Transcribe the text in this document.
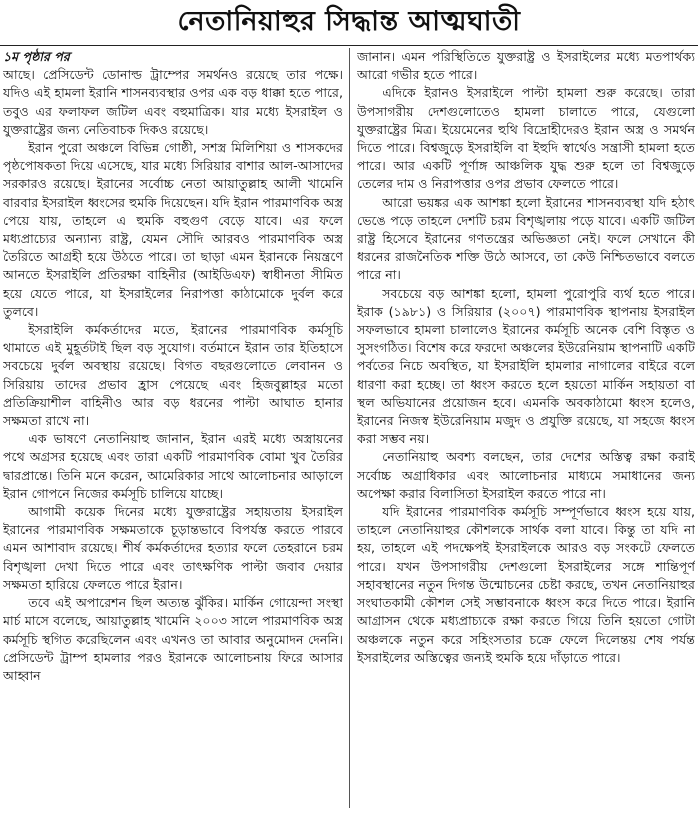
নেতানিয়াহুর সিদ্ধান্ত আত্মঘাতী
১ম পৃষ্ঠার পর

আছে। প্রেসিডেন্ট ডোনাল্ড ট্রাম্পের সমর্থনও রয়েছে তার পক্ষে। যদিও এই হামলা ইরানি শাসনব্যবস্থার ওপর এক বড় ধাক্কা হতে পারে, তবুও এর ফলাফল জটিল এবং বহুমাত্রিক। যার মধ্যে ইসরাইল ও যুক্তরাষ্ট্রের জন্য নেতিবাচক দিকও রয়েছে।

ইরান পুরো অঞ্চলে বিভিন্ন গোষ্ঠী, সশস্ত্র মিলিশিয়া ও শাসকদের পৃষ্ঠপোষকতা দিয়ে এসেছে, যার মধ্যে সিরিয়ার বাশার আল-আসাদের সরকারও রয়েছে। ইরানের সর্বোচ্চ নেতা আয়াতুল্লাহ আলী খামেনি বারবার ইসরাইল ধ্বংসের হুমকি দিয়েছেন। যদি ইরান পারমাণবিক অস্ত্র পেয়ে যায়, তাহলে এ হুমকি বহুগুণ বেড়ে যাবে। এর ফলে মধ্যপ্রাচ্যের অন্যান্য রাষ্ট্র, যেমন সৌদি আরবও পারমাণবিক অস্ত্র তৈরিতে আগ্রহী হয়ে উঠতে পারে। তা ছাড়া এমন ইরানকে নিয়ন্ত্রণে আনতে ইসরাইলি প্রতিরক্ষা বাহিনীর (আইডিএফ) স্বাধীনতা সীমিত হয়ে যেতে পারে, যা ইসরাইলের নিরাপত্তা কাঠামোকে দুর্বল করে তুলবে।

ইসরাইলি কর্মকর্তাদের মতে, ইরানের পারমাণবিক কর্মসূচি থামাতে এই মুহূর্তটাই ছিল বড় সুযোগ। বর্তমানে ইরান তার ইতিহাসে সবচেয়ে দুর্বল অবস্থায় রয়েছে। বিগত বছরগুলোতে লেবানন ও সিরিয়ায় তাদের প্রভাব হ্রাস পেয়েছে এবং হিজবুল্লাহর মতো প্রতিক্রিয়াশীল বাহিনীও আর বড় ধরনের পাল্টা আঘাত হানার সক্ষমতা রাখে না।

এক ভাষণে নেতানিয়াহু জানান, ইরান এরই মধ্যে অস্ত্রায়নের পথে অগ্রসর হয়েছে এবং তারা একটি পারমাণবিক বোমা খুব তৈরির দ্বারপ্রান্তে। তিনি মনে করেন, আমেরিকার সাথে আলোচনার আড়ালে ইরান গোপনে নিজের কর্মসূচি চালিয়ে যাচ্ছে।

আগামী কয়েক দিনের মধ্যে যুক্তরাষ্ট্রের সহায়তায় ইসরাইল ইরানের পারমাণবিক সক্ষমতাকে চূড়ান্তভাবে বিপর্যস্ত করতে পারবে এমন আশাবাদ রয়েছে। শীর্ষ কর্মকর্তাদের হত্যার ফলে তেহরানে চরম বিশৃঙ্খলা দেখা দিতে পারে এবং তাৎক্ষণিক পাল্টা জবাব দেয়ার সক্ষমতা হারিয়ে ফেলতে পারে ইরান।

তবে এই অপারেশন ছিল অত্যন্ত ঝুঁকির। মার্কিন গোয়েন্দা সংস্থা মার্চ মাসে বলেছে, আয়াতুল্লাহ খামেনি ২০০৩ সালে পারমাণবিক অস্ত্র কর্মসূচি স্থগিত করেছিলেন এবং এখনও তা আবার অনুমোদন দেননি। প্রেসিডেন্ট ট্রাম্প হামলার পরও ইরানকে আলোচনায় ফিরে আসার আহ্বান

জানান। এমন পরিস্থিতিতে যুক্তরাষ্ট্র ও ইসরাইলের মধ্যে মতপার্থক্য আরো গভীর হতে পারে।

এদিকে ইরানও ইসরাইলে পাল্টা হামলা শুরু করেছে। তারা উপসাগরীয় দেশগুলোতেও হামলা চালাতে পারে, যেগুলো যুক্তরাষ্ট্রের মিত্র। ইয়েমেনের হুথি বিদ্রোহীদেরও ইরান অস্ত্র ও সমর্থন দিতে পারে। বিশ্বজুড়ে ইসরাইলি বা ইহুদি স্বার্থেও সন্ত্রাসী হামলা হতে পারে। আর একটি পূর্ণাঙ্গ আঞ্চলিক যুদ্ধ শুরু হলে তা বিশ্বজুড়ে তেলের দাম ও নিরাপত্তার ওপর প্রভাব ফেলতে পারে।

আরো ভয়ঙ্কর এক আশঙ্কা হলো ইরানের শাসনব্যবস্থা যদি হঠাৎ ভেঙে পড়ে তাহলে দেশটি চরম বিশৃঙ্খলায় পড়ে যাবে। একটি জটিল রাষ্ট্র হিসেবে ইরানের গণতন্ত্রের অভিজ্ঞতা নেই। ফলে সেখানে কী ধরনের রাজনৈতিক শক্তি উঠে আসবে, তা কেউ নিশ্চিতভাবে বলতে পারে না।

সবচেয়ে বড় আশঙ্কা হলো, হামলা পুরোপুরি ব্যর্থ হতে পারে। ইরাক (১৯৮১) ও সিরিয়ার (২০০৭) পারমাণবিক স্থাপনায় ইসরাইল সফলভাবে হামলা চালালেও ইরানের কর্মসূচি অনেক বেশি বিস্তৃত ও সুসংগঠিত। বিশেষ করে ফরদো অঞ্চলের ইউরেনিয়াম স্থাপনাটি একটি পর্বতের নিচে অবস্থিত, যা ইসরাইলি হামলার নাগালের বাইরে বলে ধারণা করা হচ্ছে। তা ধ্বংস করতে হলে হয়তো মার্কিন সহায়তা বা স্থল অভিযানের প্রয়োজন হবে। এমনকি অবকাঠামো ধ্বংস হলেও, ইরানের নিজস্ব ইউরেনিয়াম মজুদ ও প্রযুক্তি রয়েছে, যা সহজে ধ্বংস করা সম্ভব নয়।

নেতানিয়াহু অবশ্য বলছেন, তার দেশের অস্তিত্ব রক্ষা করাই সর্বোচ্চ অগ্রাধিকার এবং আলোচনার মাধ্যমে সমাধানের জন্য অপেক্ষা করার বিলাসিতা ইসরাইল করতে পারে না।

যদি ইরানের পারমাণবিক কর্মসূচি সম্পূর্ণভাবে ধ্বংস হয়ে যায়, তাহলে নেতানিয়াহুর কৌশলকে সার্থক বলা যাবে। কিন্তু তা যদি না হয়, তাহলে এই পদক্ষেপই ইসরাইলকে আরও বড় সংকটে ফেলতে পারে। যখন উপসাগরীয় দেশগুলো ইসরাইলের সঙ্গে শান্তিপূর্ণ সহাবস্থানের নতুন দিগন্ত উন্মোচনের চেষ্টা করছে, তখন নেতানিয়াহুর সংঘাতকামী কৌশল সেই সম্ভাবনাকে ধ্বংস করে দিতে পারে। ইরানি আগ্রাসন থেকে মধ্যপ্রাচ্যকে রক্ষা করতে গিয়ে তিনি হয়তো গোটা অঞ্চলকে নতুন করে সহিংসতার চক্রে ফেলে দিলেন্তয় শেষ পর্যন্ত ইসরাইলের অস্তিত্বের জন্যই হুমকি হয়ে দাঁড়াতে পারে।
